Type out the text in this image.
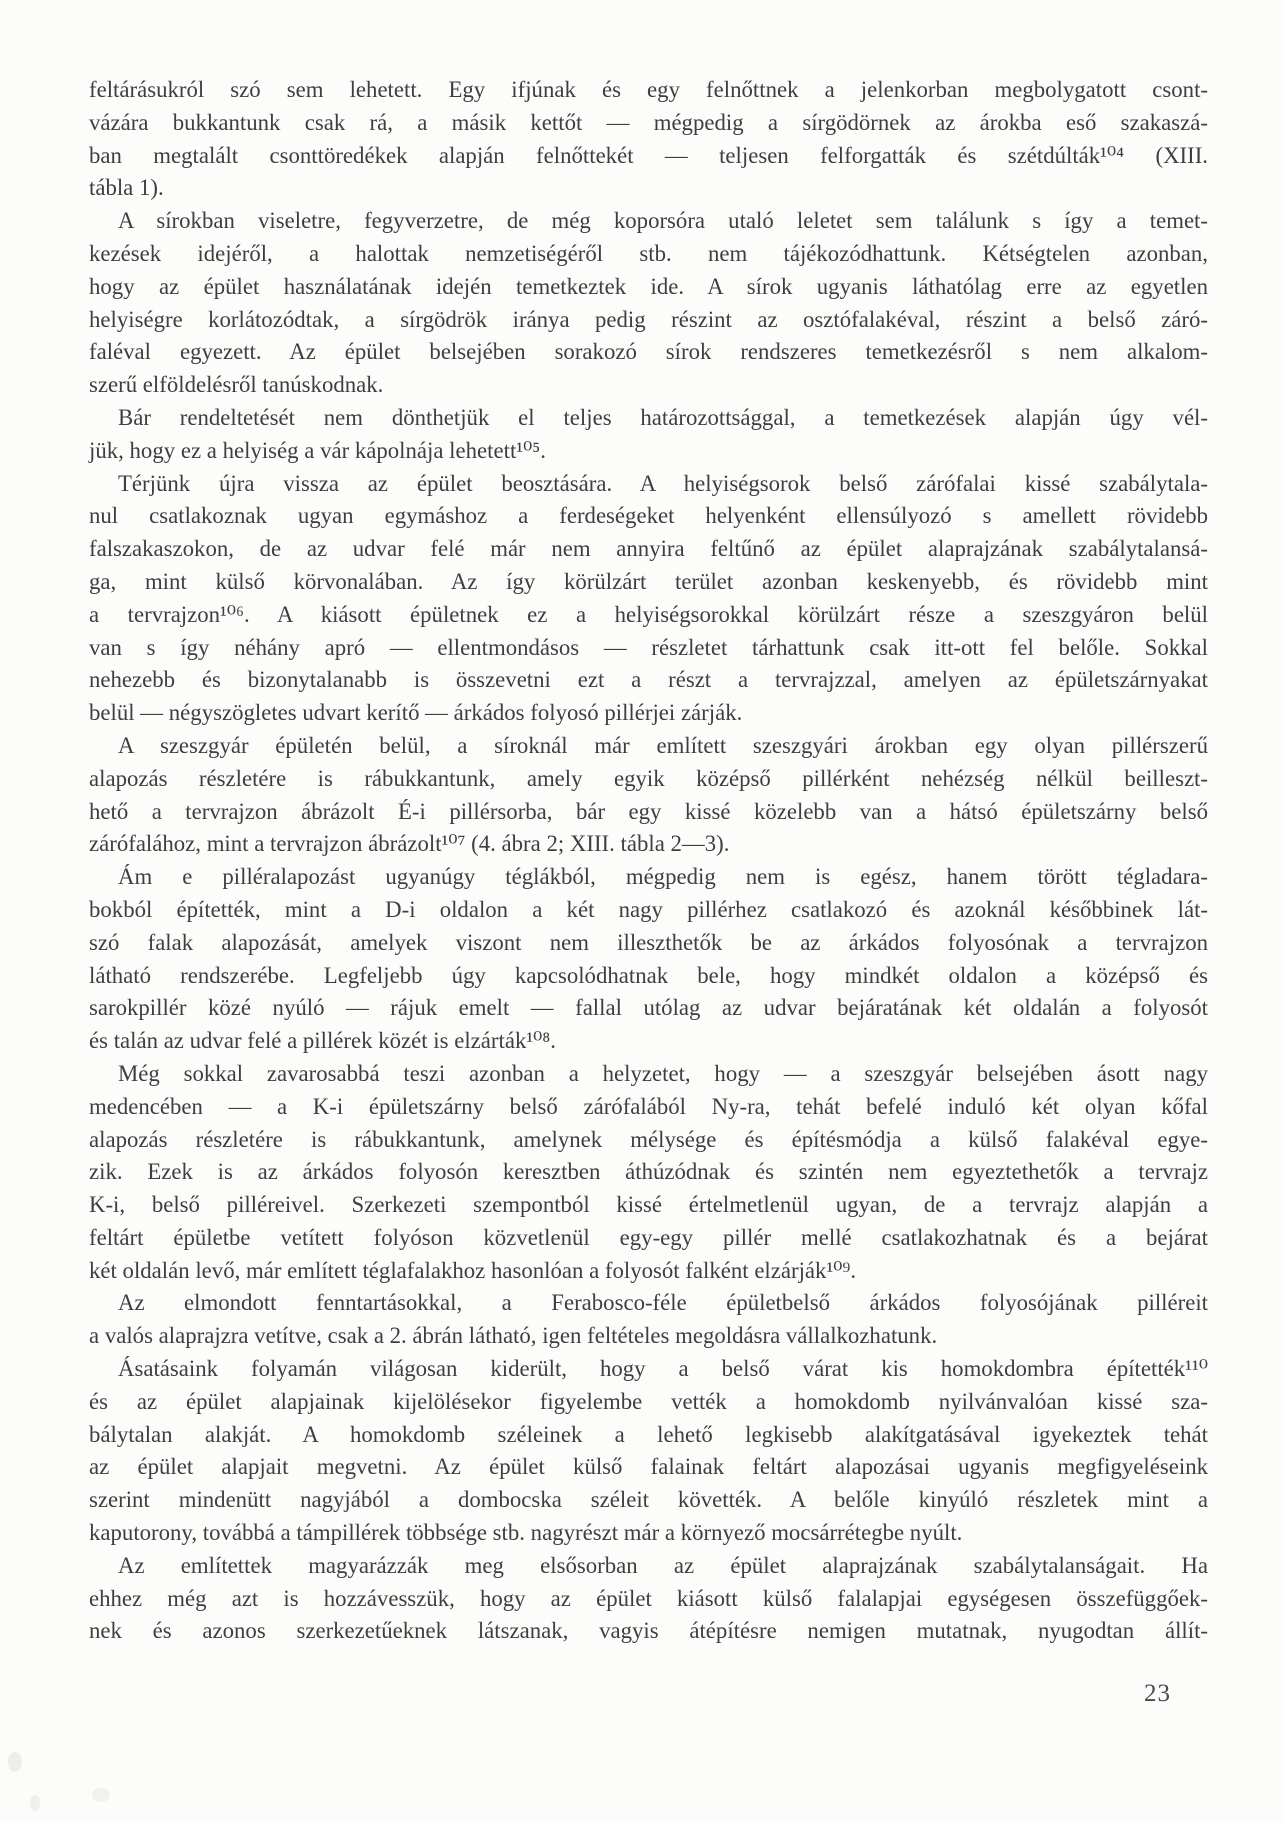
feltárásukról szó sem lehetett. Egy ifjúnak és egy felnőttnek a jelenkorban megbolygatott csont-
vázára bukkantunk csak rá, a másik kettőt — mégpedig a sírgödörnek az árokba eső szakaszá-
ban megtalált csonttöredékek alapján felnőttekét — teljesen felforgatták és szétdúlták¹⁰⁴ (XIII.
tábla 1).
A sírokban viseletre, fegyverzetre, de még koporsóra utaló leletet sem találunk s így a temet-
kezések idejéről, a halottak nemzetiségéről stb. nem tájékozódhattunk. Kétségtelen azonban,
hogy az épület használatának idején temetkeztek ide. A sírok ugyanis láthatólag erre az egyetlen
helyiségre korlátozódtak, a sírgödrök iránya pedig részint az osztófalakéval, részint a belső záró-
faléval egyezett. Az épület belsejében sorakozó sírok rendszeres temetkezésről s nem alkalom-
szerű elföldelésről tanúskodnak.
Bár rendeltetését nem dönthetjük el teljes határozottsággal, a temetkezések alapján úgy vél-
jük, hogy ez a helyiség a vár kápolnája lehetett¹⁰⁵.
Térjünk újra vissza az épület beosztására. A helyiségsorok belső zárófalai kissé szabálytala-
nul csatlakoznak ugyan egymáshoz a ferdeségeket helyenként ellensúlyozó s amellett rövidebb
falszakaszokon, de az udvar felé már nem annyira feltűnő az épület alaprajzának szabálytalansá-
ga, mint külső körvonalában. Az így körülzárt terület azonban keskenyebb, és rövidebb mint
a tervrajzon¹⁰⁶. A kiásott épületnek ez a helyiségsorokkal körülzárt része a szeszgyáron belül
van s így néhány apró — ellentmondásos — részletet tárhattunk csak itt-ott fel belőle. Sokkal
nehezebb és bizonytalanabb is összevetni ezt a részt a tervrajzzal, amelyen az épületszárnyakat
belül — négyszögletes udvart kerítő — árkádos folyosó pillérjei zárják.
A szeszgyár épületén belül, a síroknál már említett szeszgyári árokban egy olyan pillérszerű
alapozás részletére is rábukkantunk, amely egyik középső pillérként nehézség nélkül beilleszt-
hető a tervrajzon ábrázolt É-i pillérsorba, bár egy kissé közelebb van a hátsó épületszárny belső
zárófalához, mint a tervrajzon ábrázolt¹⁰⁷ (4. ábra 2; XIII. tábla 2—3).
Ám e pilléralapozást ugyanúgy téglákból, mégpedig nem is egész, hanem törött tégladara-
bokból építették, mint a D-i oldalon a két nagy pillérhez csatlakozó és azoknál későbbinek lát-
szó falak alapozását, amelyek viszont nem illeszthetők be az árkádos folyosónak a tervrajzon
látható rendszerébe. Legfeljebb úgy kapcsolódhatnak bele, hogy mindkét oldalon a középső és
sarokpillér közé nyúló — rájuk emelt — fallal utólag az udvar bejáratának két oldalán a folyosót
és talán az udvar felé a pillérek közét is elzárták¹⁰⁸.
Még sokkal zavarosabbá teszi azonban a helyzetet, hogy — a szeszgyár belsejében ásott nagy
medencében — a K-i épületszárny belső zárófalából Ny-ra, tehát befelé induló két olyan kőfal
alapozás részletére is rábukkantunk, amelynek mélysége és építésmódja a külső falakéval egye-
zik. Ezek is az árkádos folyosón keresztben áthúzódnak és szintén nem egyeztethetők a tervrajz
K-i, belső pilléreivel. Szerkezeti szempontból kissé értelmetlenül ugyan, de a tervrajz alapján a
feltárt épületbe vetített folyóson közvetlenül egy-egy pillér mellé csatlakozhatnak és a bejárat
két oldalán levő, már említett téglafalakhoz hasonlóan a folyosót falként elzárják¹⁰⁹.
Az elmondott fenntartásokkal, a Ferabosco-féle épületbelső árkádos folyosójának pilléreit
a valós alaprajzra vetítve, csak a 2. ábrán látható, igen feltételes megoldásra vállalkozhatunk.
Ásatásaink folyamán világosan kiderült, hogy a belső várat kis homokdombra építették¹¹⁰
és az épület alapjainak kijelölésekor figyelembe vették a homokdomb nyilvánvalóan kissé sza-
bálytalan alakját. A homokdomb széleinek a lehető legkisebb alakítgatásával igyekeztek tehát
az épület alapjait megvetni. Az épület külső falainak feltárt alapozásai ugyanis megfigyeléseink
szerint mindenütt nagyjából a dombocska széleit követték. A belőle kinyúló részletek mint a
kaputorony, továbbá a támpillérek többsége stb. nagyrészt már a környező mocsárrétegbe nyúlt.
Az említettek magyarázzák meg elsősorban az épület alaprajzának szabálytalanságait. Ha
ehhez még azt is hozzávesszük, hogy az épület kiásott külső falalapjai egységesen összefüggőek-
nek és azonos szerkezetűeknek látszanak, vagyis átépítésre nemigen mutatnak, nyugodtan állít-
23
